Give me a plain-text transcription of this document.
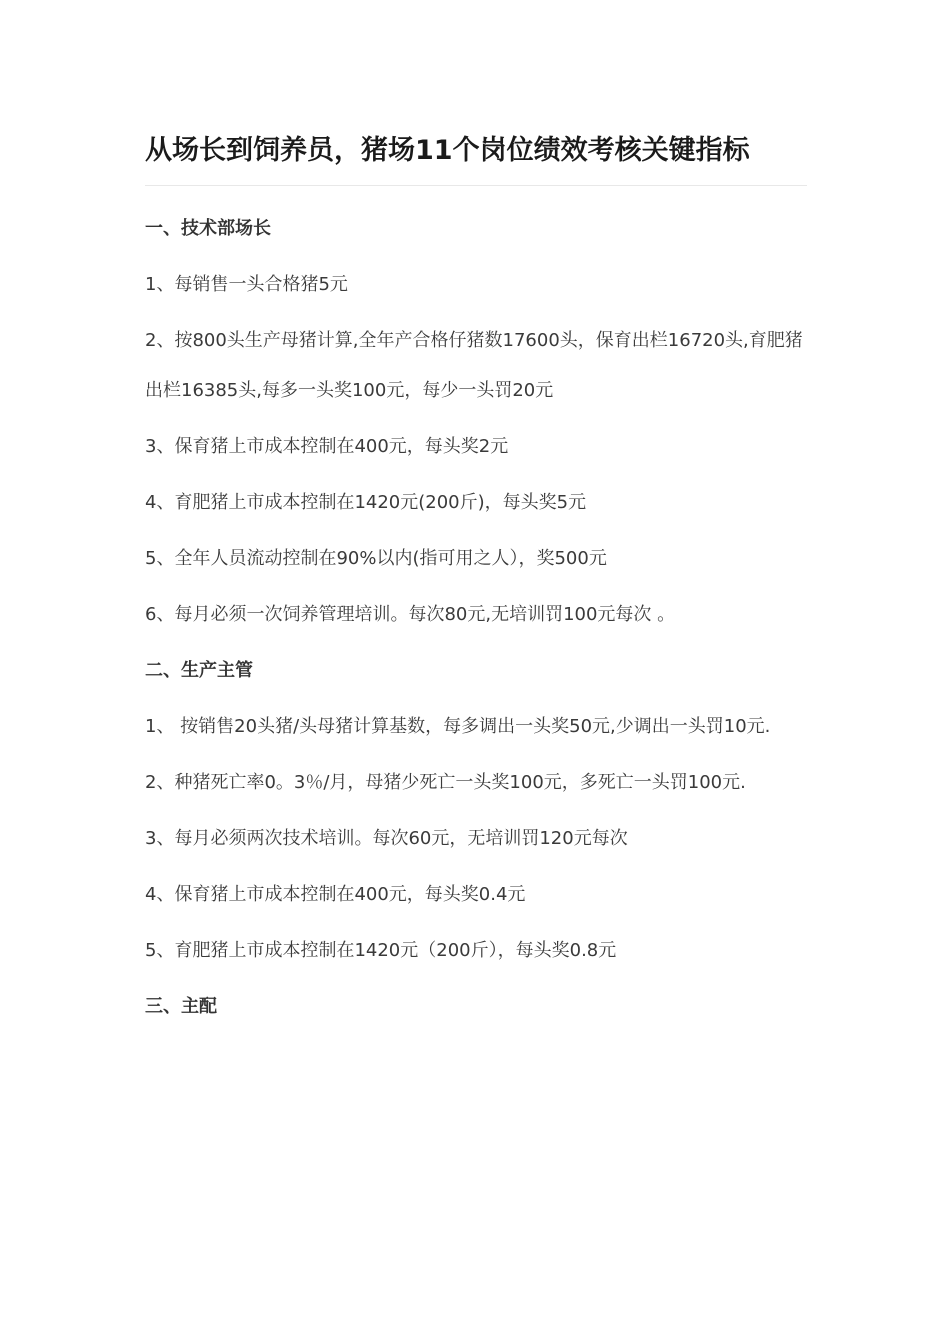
从场长到饲养员，猪场11个岗位绩效考核关键指标
一、技术部场长

1、每销售一头合格猪5元

2、按800头生产母猪计算,全年产合格仔猪数17600头，保育出栏16720头,育肥猪出栏16385头,每多一头奖100元，每少一头罚20元

3、保育猪上市成本控制在400元，每头奖2元

4、育肥猪上市成本控制在1420元(200斤)，每头奖5元

5、全年人员流动控制在90%以内(指可用之人），奖500元

6、每月必须一次饲养管理培训。每次80元,无培训罚100元每次 。

二、生产主管

1、 按销售20头猪/头母猪计算基数，每多调出一头奖50元,少调出一头罚10元.

2、种猪死亡率0。3％/月，母猪少死亡一头奖100元，多死亡一头罚100元.

3、每月必须两次技术培训。每次60元，无培训罚120元每次

4、保育猪上市成本控制在400元，每头奖0.4元

5、育肥猪上市成本控制在1420元（200斤），每头奖0.8元

三、主配
